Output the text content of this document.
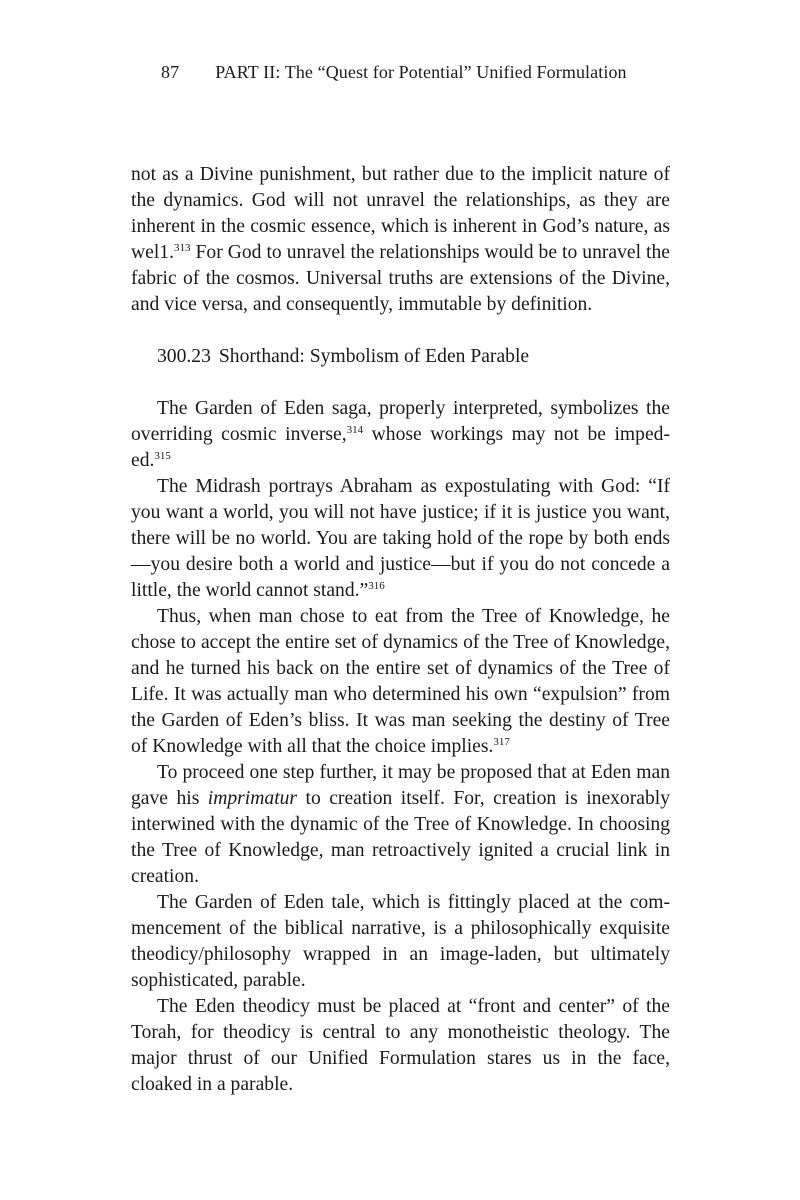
87 PART II: The “Quest for Potential” Unified Formulation

not as a Divine punishment, but rather due to the implicit nature of the dynamics. God will not unravel the relationships, as they are inherent in the cosmic essence, which is inherent in God’s nature, as wel1.$^{313}$ For God to unravel the relationships would be to unravel the fabric of the cosmos. Universal truths are extensions of the Divine, and vice versa, and consequently, immutable by definition.

300.23 Shorthand: Symbolism of Eden Parable

The Garden of Eden saga, properly interpreted, symbolizes the overriding cosmic inverse,$^{314}$ whose workings may not be impeded.$^{315}$

The Midrash portrays Abraham as expostulating with God: “If you want a world, you will not have justice; if it is justice you want, there will be no world. You are taking hold of the rope by both ends—you desire both a world and justice—but if you do not concede a little, the world cannot stand.”$^{316}$

Thus, when man chose to eat from the Tree of Knowledge, he chose to accept the entire set of dynamics of the Tree of Knowledge, and he turned his back on the entire set of dynamics of the Tree of Life. It was actually man who determined his own “expulsion” from the Garden of Eden’s bliss. It was man seeking the destiny of Tree of Knowledge with all that the choice implies.$^{317}$

To proceed one step further, it may be proposed that at Eden man gave his imprimatur to creation itself. For, creation is inexorably interwined with the dynamic of the Tree of Knowledge. In choosing the Tree of Knowledge, man retroactively ignited a crucial link in creation.

The Garden of Eden tale, which is fittingly placed at the commencement of the biblical narrative, is a philosophically exquisite theodicy/philosophy wrapped in an image-laden, but ultimately sophisticated, parable.

The Eden theodicy must be placed at “front and center” of the Torah, for theodicy is central to any monotheistic theology. The major thrust of our Unified Formulation stares us in the face, cloaked in a parable.
